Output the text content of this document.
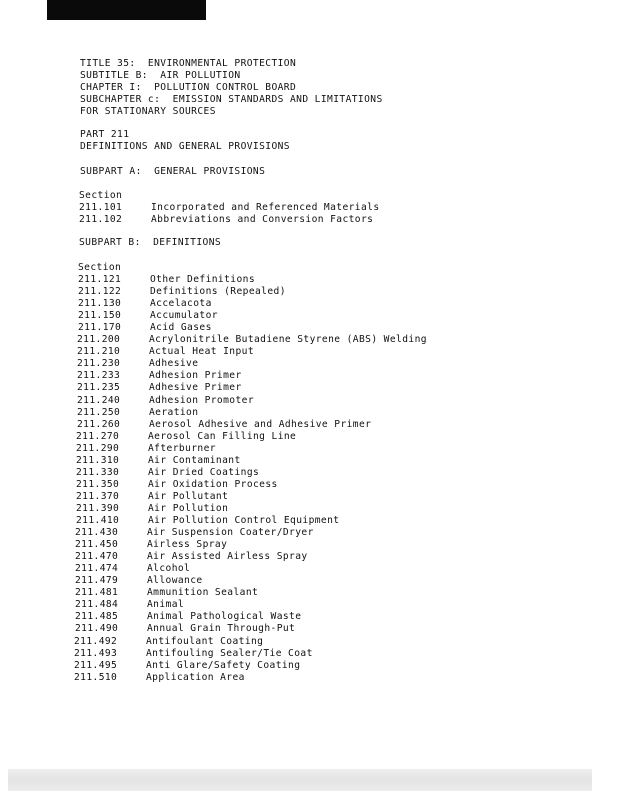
TITLE 35:  ENVIRONMENTAL PROTECTION
SUBTITLE B:  AIR POLLUTION
CHAPTER I:  POLLUTION CONTROL BOARD
SUBCHAPTER c:  EMISSION STANDARDS AND LIMITATIONS
FOR STATIONARY SOURCES
PART 211
DEFINITIONS AND GENERAL PROVISIONS
SUBPART A:  GENERAL PROVISIONS
Section
211.101	Incorporated and Referenced Materials
211.102	Abbreviations and Conversion Factors
SUBPART B:  DEFINITIONS
Section
211.121	Other Definitions
211.122	Definitions (Repealed)
211.130	Accelacota
211.150	Accumulator
211.170	Acid Gases
211.200	Acrylonitrile Butadiene Styrene (ABS) Welding
211.210	Actual Heat Input
211.230	Adhesive
211.233	Adhesion Primer
211.235	Adhesive Primer
211.240	Adhesion Promoter
211.250	Aeration
211.260	Aerosol Adhesive and Adhesive Primer
211.270	Aerosol Can Filling Line
211.290	Afterburner
211.310	Air Contaminant
211.330	Air Dried Coatings
211.350	Air Oxidation Process
211.370	Air Pollutant
211.390	Air Pollution
211.410	Air Pollution Control Equipment
211.430	Air Suspension Coater/Dryer
211.450	Airless Spray
211.470	Air Assisted Airless Spray
211.474	Alcohol
211.479	Allowance
211.481	Ammunition Sealant
211.484	Animal
211.485	Animal Pathological Waste
211.490	Annual Grain Through-Put
211.492	Antifoulant Coating
211.493	Antifouling Sealer/Tie Coat
211.495	Anti Glare/Safety Coating
211.510	Application Area
